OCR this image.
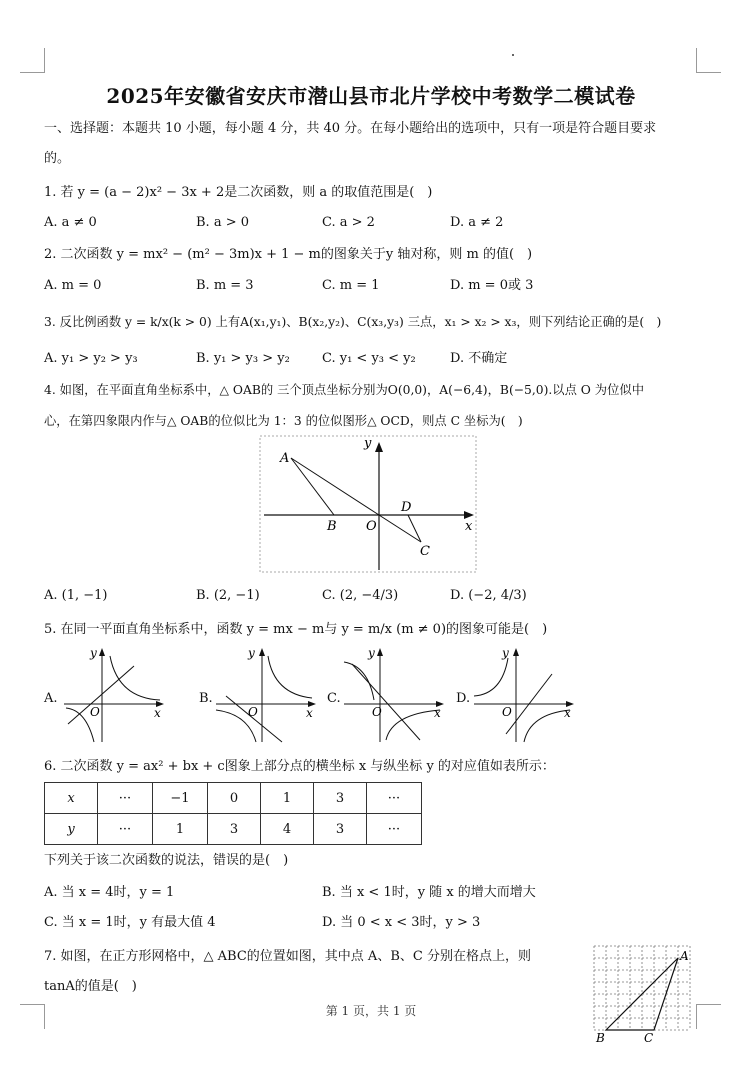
2025年安徽省安庆市潜山县市北片学校中考数学二模试卷
一、选择题：本题共 10 小题，每小题 4 分，共 40 分。在每小题给出的选项中，只有一项是符合题目要求
的。
1. 若 y = (a − 2)x² − 3x + 2是二次函数，则 a 的取值范围是(　)
A. a ≠ 0	B. a > 0	C. a > 2	D. a ≠ 2
2. 二次函数 y = mx² − (m² − 3m)x + 1 − m的图象关于y 轴对称，则 m 的值(　)
A. m = 0	B. m = 3	C. m = 1	D. m = 0或 3
3. 反比例函数 y = k/x(k > 0) 上有A(x₁,y₁)、B(x₂,y₂)、C(x₃,y₃) 三点，x₁ > x₂ > x₃，则下列结论正确的是(　)
A. y₁ > y₂ > y₃	B. y₁ > y₃ > y₂ C. y₁ < y₃ < y₂	D. 不确定
4. 如图，在平面直角坐标系中，△ OAB的 三个顶点坐标分别为O(0,0)，A(−6,4)，B(−5,0).以点 O 为位似中
心，在第四象限内作与△ OAB的位似比为 1：3 的位似图形△ OCD，则点 C 坐标为(　)
y
x
A
B O
D
C
A. (1, −1)	B. (2, −1)	C. (2, −4/3)	D. (−2, 4/3)
5. 在同一平面直角坐标系中，函数 y = mx − m与 y = m/x (m ≠ 0)的图象可能是(　)
A.
y
x
O
B.
y
x
O
C.
y
x
O
D.
y
x
O
6. 二次函数 y = ax² + bx + c图象上部分点的横坐标 x 与纵坐标 y 的对应值如表所示：
x	···	−1	0	1	3	···
y	···	1	3	4	3	···
下列关于该二次函数的说法，错误的是(　)
A. 当 x = 4时，y = 1	B. 当 x < 1时，y 随 x 的增大而增大
C. 当 x = 1时，y 有最大值 4	D. 当 0 < x < 3时，y > 3
7. 如图，在正方形网格中，△ ABC的位置如图，其中点 A、B、C 分别在格点上，则
tanA的值是(　)
A
B	C
第 1 页，共 1 页
